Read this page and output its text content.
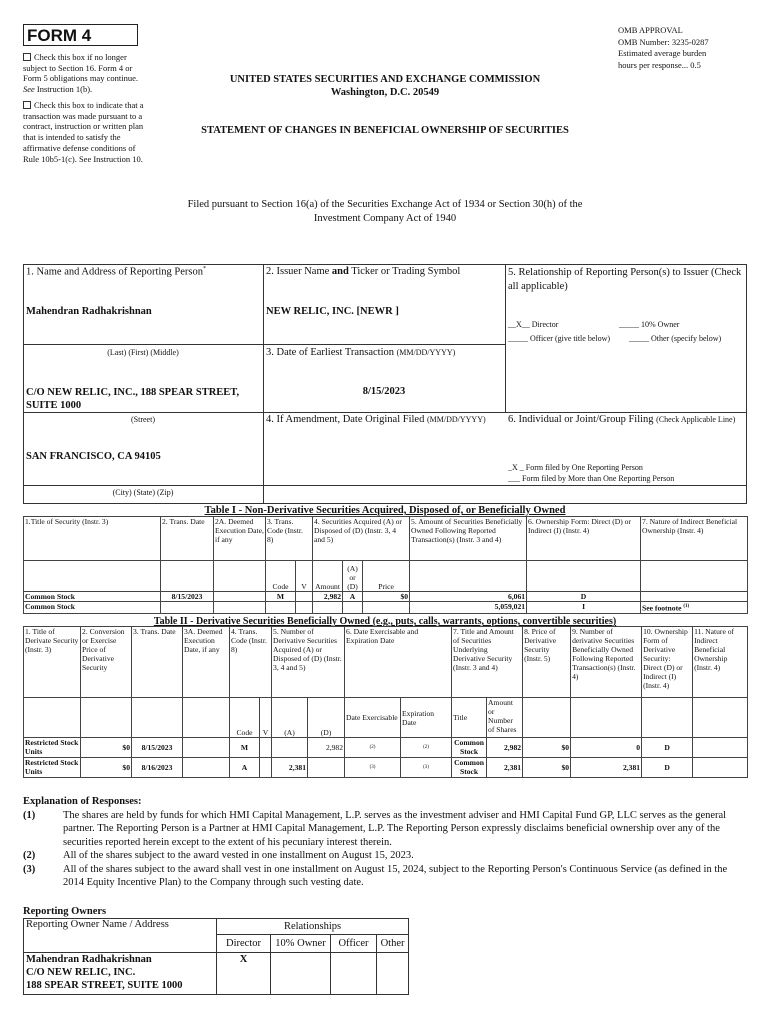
FORM 4
Check this box if no longer subject to Section 16. Form 4 or Form 5 obligations may continue. See Instruction 1(b).
Check this box to indicate that a transaction was made pursuant to a contract, instruction or written plan that is intended to satisfy the affirmative defense conditions of Rule 10b5-1(c). See Instruction 10.
OMB APPROVAL
OMB Number: 3235-0287
Estimated average burden
hours per response... 0.5
UNITED STATES SECURITIES AND EXCHANGE COMMISSION
Washington, D.C. 20549
STATEMENT OF CHANGES IN BENEFICIAL OWNERSHIP OF SECURITIES
Filed pursuant to Section 16(a) of the Securities Exchange Act of 1934 or Section 30(h) of the
Investment Company Act of 1940
1. Name and Address of Reporting Person*
Mahendran Radhakrishnan
(Last) (First) (Middle)
C/O NEW RELIC, INC., 188 SPEAR STREET, SUITE 1000
(Street)
SAN FRANCISCO, CA 94105
(City) (State) (Zip)
2. Issuer Name and Ticker or Trading Symbol
NEW RELIC, INC. [NEWR ]
3. Date of Earliest Transaction (MM/DD/YYYY)
8/15/2023
4. If Amendment, Date Original Filed (MM/DD/YYYY)
5. Relationship of Reporting Person(s) to Issuer (Check all applicable)
__X__ Director	_____ 10% Owner
_____ Officer (give title below) _____ Other (specify below)
6. Individual or Joint/Group Filing (Check Applicable Line)
_X _ Form filed by One Reporting Person
___ Form filed by More than One Reporting Person
Table I - Non-Derivative Securities Acquired, Disposed of, or Beneficially Owned
1.Title of Security (Instr. 3)	2. Trans. Date	2A. Deemed Execution Date, if any	3. Trans. Code (Instr. 8)		4. Securities Acquired (A) or Disposed of (D) (Instr. 3, 4 and 5)			5. Amount of Securities Beneficially Owned Following Reported Transaction(s) (Instr. 3 and 4)	6. Ownership Form: Direct (D) or Indirect (I) (Instr. 4)	7. Nature of Indirect Beneficial Ownership (Instr. 4)
			Code	V	Amount	(A) or (D)	Price			
Common Stock	8/15/2023		M		2,982	A	$0	6,061	D	
Common Stock								5,059,021	I	See footnote $^{(1)}$
Table II - Derivative Securities Beneficially Owned (e.g., puts, calls, warrants, options, convertible securities)
1. Title of Derivate Security (Instr. 3)	2. Conversion or Exercise Price of Derivative Security	3. Trans. Date	3A. Deemed Execution Date, if any	4. Trans. Code (Instr. 8)		5. Number of Derivative Securities Acquired (A) or Disposed of (D) (Instr. 3, 4 and 5)		6. Date Exercisable and Expiration Date		7. Title and Amount of Securities Underlying Derivative Security (Instr. 3 and 4)		8. Price of Derivative Security (Instr. 5)	9. Number of derivative Securities Beneficially Owned Following Reported Transaction(s) (Instr. 4)	10. Ownership Form of Derivative Security: Direct (D) or Indirect (I) (Instr. 4)	11. Nature of Indirect Beneficial Ownership (Instr. 4)
				Code	V	(A)	(D)	Date Exercisable	Expiration Date	Title	Amount or Number of Shares				
Restricted Stock Units	$0	8/15/2023		M			2,982	(2)	(2)	Common Stock	2,982	$0	0	D	
Restricted Stock Units	$0	8/16/2023		A		2,381		(3)	(3)	Common Stock	2,381	$0	2,381	D	
Explanation of Responses:
(1)	The shares are held by funds for which HMI Capital Management, L.P. serves as the investment adviser and HMI Capital Fund GP, LLC serves as the general partner. The Reporting Person is a Partner at HMI Capital Management, L.P. The Reporting Person expressly disclaims beneficial ownership over any of the securities reported herein except to the extent of his pecuniary interest therein.
(2)	All of the shares subject to the award vested in one installment on August 15, 2023.
(3)	All of the shares subject to the award shall vest in one installment on August 15, 2024, subject to the Reporting Person's Continuous Service (as defined in the 2014 Equity Incentive Plan) to the Company through such vesting date.
Reporting Owners
Reporting Owner Name / Address	Relationships			
	Director	10% Owner	Officer	Other

Mahendran Radhakrishnan
C/O NEW RELIC, INC.
188 SPEAR STREET, SUITE 1000	X			
